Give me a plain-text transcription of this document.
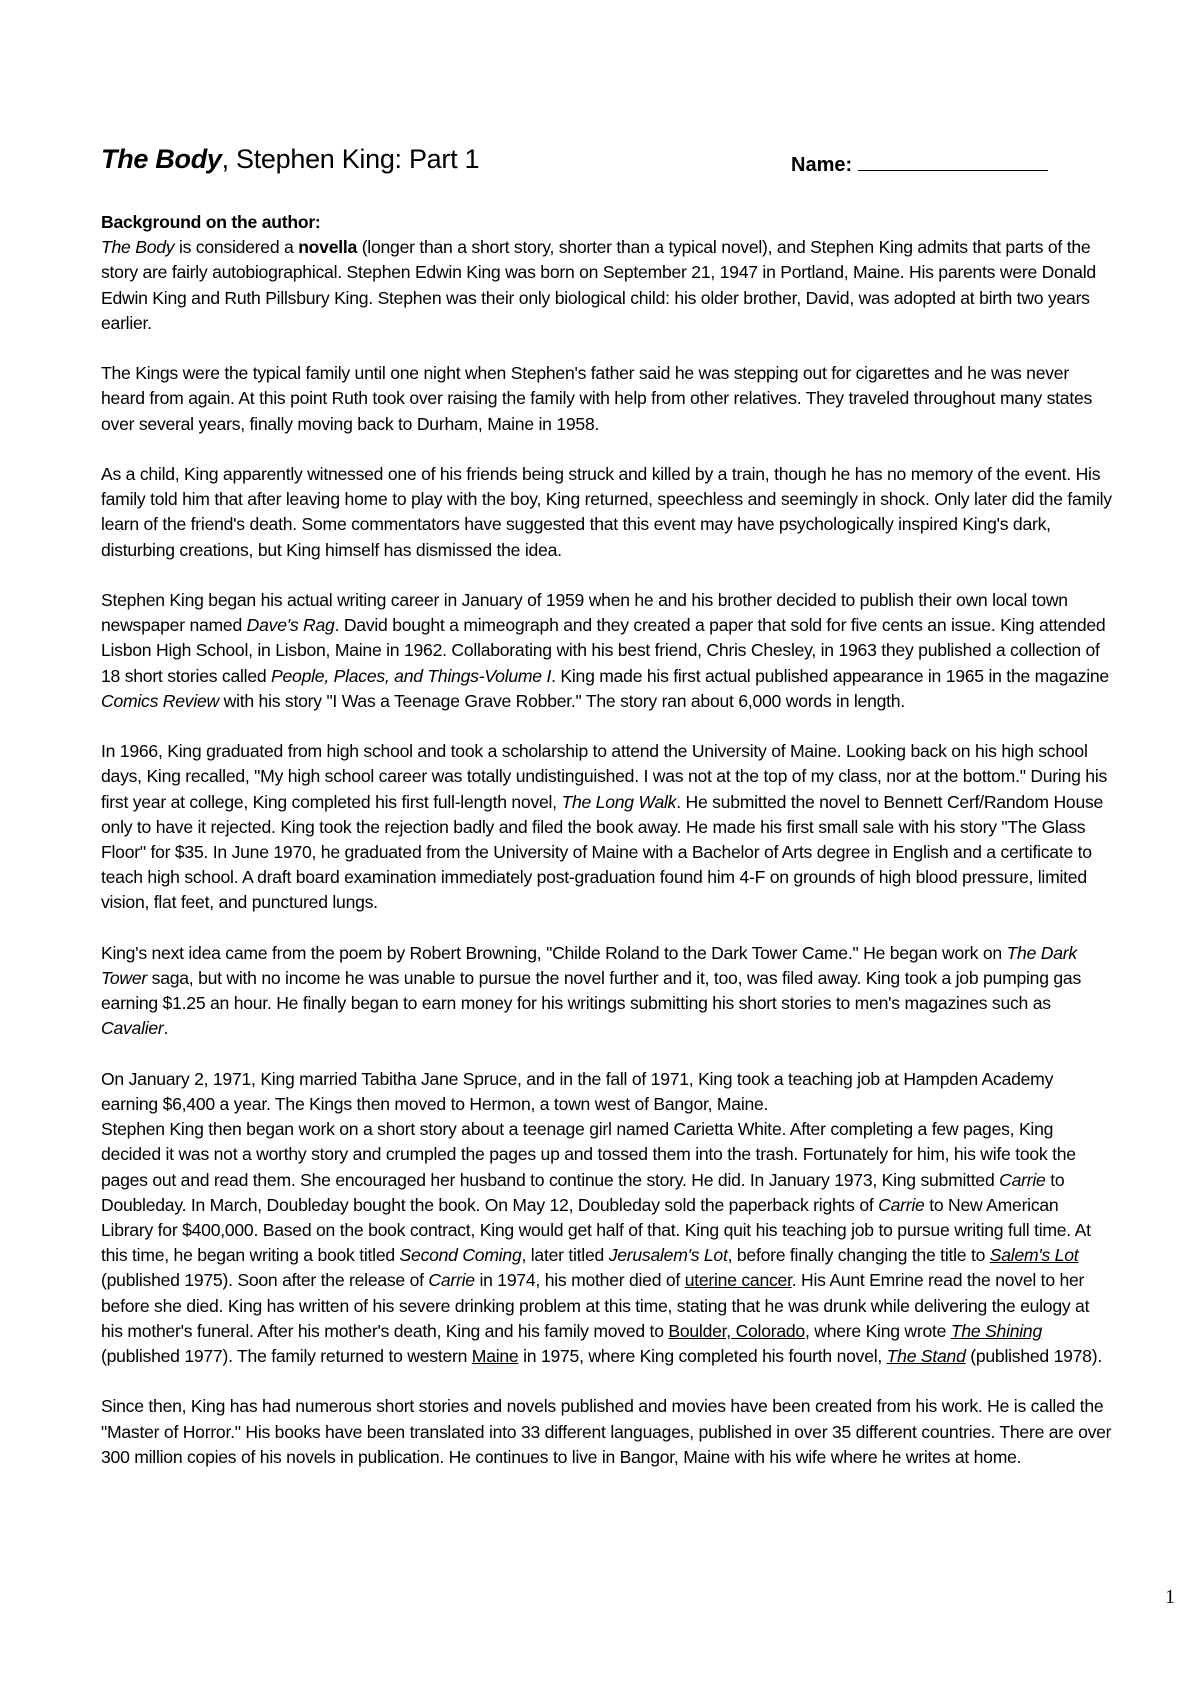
The Body, Stephen King: Part 1	Name:

Background on the author:

The Body is considered a novella (longer than a short story, shorter than a typical novel), and Stephen King admits that parts of the story are fairly autobiographical. Stephen Edwin King was born on September 21, 1947 in Portland, Maine. His parents were Donald Edwin King and Ruth Pillsbury King. Stephen was their only biological child: his older brother, David, was adopted at birth two years earlier.

The Kings were the typical family until one night when Stephen's father said he was stepping out for cigarettes and he was never heard from again. At this point Ruth took over raising the family with help from other relatives. They traveled throughout many states over several years, finally moving back to Durham, Maine in 1958.

As a child, King apparently witnessed one of his friends being struck and killed by a train, though he has no memory of the event. His family told him that after leaving home to play with the boy, King returned, speechless and seemingly in shock. Only later did the family learn of the friend's death. Some commentators have suggested that this event may have psychologically inspired King's dark, disturbing creations, but King himself has dismissed the idea.

Stephen King began his actual writing career in January of 1959 when he and his brother decided to publish their own local town newspaper named Dave's Rag. David bought a mimeograph and they created a paper that sold for five cents an issue. King attended Lisbon High School, in Lisbon, Maine in 1962. Collaborating with his best friend, Chris Chesley, in 1963 they published a collection of 18 short stories called People, Places, and Things-Volume I. King made his first actual published appearance in 1965 in the magazine Comics Review with his story "I Was a Teenage Grave Robber." The story ran about 6,000 words in length.

In 1966, King graduated from high school and took a scholarship to attend the University of Maine. Looking back on his high school days, King recalled, "My high school career was totally undistinguished. I was not at the top of my class, nor at the bottom." During his first year at college, King completed his first full-length novel, The Long Walk. He submitted the novel to Bennett Cerf/Random House only to have it rejected. King took the rejection badly and filed the book away. He made his first small sale with his story "The Glass Floor" for $35. In June 1970, he graduated from the University of Maine with a Bachelor of Arts degree in English and a certificate to teach high school. A draft board examination immediately post-graduation found him 4-F on grounds of high blood pressure, limited vision, flat feet, and punctured lungs.

King's next idea came from the poem by Robert Browning, "Childe Roland to the Dark Tower Came." He began work on The Dark Tower saga, but with no income he was unable to pursue the novel further and it, too, was filed away. King took a job pumping gas earning $1.25 an hour. He finally began to earn money for his writings submitting his short stories to men's magazines such as Cavalier.

On January 2, 1971, King married Tabitha Jane Spruce, and in the fall of 1971, King took a teaching job at Hampden Academy earning $6,400 a year. The Kings then moved to Hermon, a town west of Bangor, Maine.

Stephen King then began work on a short story about a teenage girl named Carietta White. After completing a few pages, King decided it was not a worthy story and crumpled the pages up and tossed them into the trash. Fortunately for him, his wife took the pages out and read them. She encouraged her husband to continue the story. He did. In January 1973, King submitted Carrie to Doubleday. In March, Doubleday bought the book. On May 12, Doubleday sold the paperback rights of Carrie to New American Library for $400,000. Based on the book contract, King would get half of that. King quit his teaching job to pursue writing full time. At this time, he began writing a book titled Second Coming, later titled Jerusalem's Lot, before finally changing the title to Salem's Lot (published 1975). Soon after the release of Carrie in 1974, his mother died of uterine cancer. His Aunt Emrine read the novel to her before she died. King has written of his severe drinking problem at this time, stating that he was drunk while delivering the eulogy at his mother's funeral. After his mother's death, King and his family moved to Boulder, Colorado, where King wrote The Shining (published 1977). The family returned to western Maine in 1975, where King completed his fourth novel, The Stand (published 1978).

Since then, King has had numerous short stories and novels published and movies have been created from his work. He is called the "Master of Horror." His books have been translated into 33 different languages, published in over 35 different countries. There are over 300 million copies of his novels in publication. He continues to live in Bangor, Maine with his wife where he writes at home.

1
